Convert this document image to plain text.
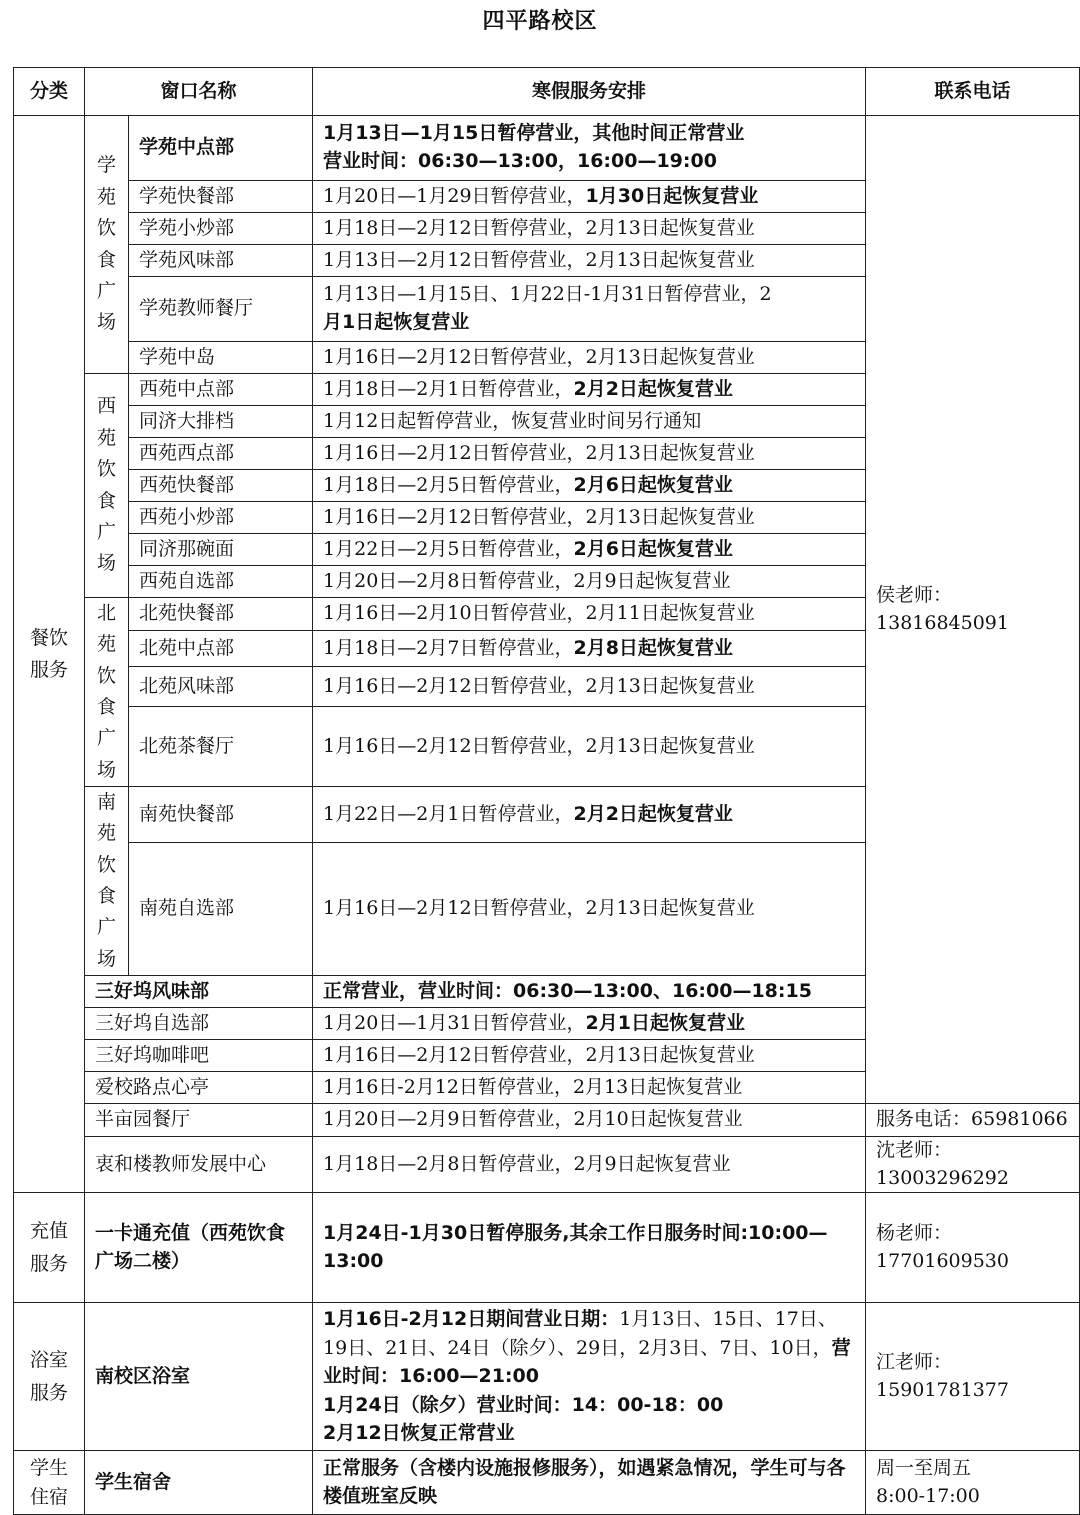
四平路校区
分类	窗口名称		寒假服务安排	联系电话

餐饮服务	学苑饮食广场	学苑中点部	1月13日—1月15日暂停营业，其他时间正常营业
营业时间：06:30—13:00，16:00—19:00	侯老师：13816845091
		学苑快餐部	1月20日—1月29日暂停营业，1月30日起恢复营业	
		学苑小炒部	1月18日—2月12日暂停营业，2月13日起恢复营业	
		学苑风味部	1月13日—2月12日暂停营业，2月13日起恢复营业	
		学苑教师餐厅	1月13日—1月15日、1月22日-1月31日暂停营业，2
月1日起恢复营业	

		学苑中岛	1月16日—2月12日暂停营业，2月13日起恢复营业	

	西苑饮食广场	西苑中点部	1月18日—2月1日暂停营业，2月2日起恢复营业	
		同济大排档	1月12日起暂停营业，恢复营业时间另行通知	
		西苑西点部	1月16日—2月12日暂停营业，2月13日起恢复营业	
		西苑快餐部	1月18日—2月5日暂停营业，2月6日起恢复营业	
		西苑小炒部	1月16日—2月12日暂停营业，2月13日起恢复营业	
		同济那碗面	1月22日—2月5日暂停营业，2月6日起恢复营业	
		西苑自选部	1月20日—2月8日暂停营业，2月9日起恢复营业	

	北苑饮食广场	北苑快餐部	1月16日—2月10日暂停营业，2月11日起恢复营业	
		北苑中点部	1月18日—2月7日暂停营业，2月8日起恢复营业	
		北苑风味部	1月16日—2月12日暂停营业，2月13日起恢复营业	
		北苑茶餐厅	1月16日—2月12日暂停营业，2月13日起恢复营业	

	南苑饮食广场	南苑快餐部	1月22日—2月1日暂停营业，2月2日起恢复营业	
		南苑自选部	1月16日—2月12日暂停营业，2月13日起恢复营业	
	三好坞风味部		正常营业，营业时间：06:30—13:00、16:00—18:15	
	三好坞自选部		1月20日—1月31日暂停营业，2月1日起恢复营业	
	三好坞咖啡吧		1月16日—2月12日暂停营业，2月13日起恢复营业	
	爱校路点心亭		1月16日-2月12日暂停营业，2月13日起恢复营业	
	半亩园餐厅		1月20日—2月9日暂停营业，2月10日起恢复营业	服务电话：65981066
	衷和楼教师发展中心		1月18日—2月8日暂停营业，2月9日起恢复营业	沈老师：13003296292

充值服务	一卡通充值（西苑饮食广场二楼）		1月24日-1月30日暂停服务,其余工作日服务时间:10:00—13:00	杨老师：17701609530

浴室服务	南校区浴室		1月16日-2月12日期间营业日期：1月13日、15日、17日、19日、21日、24日（除夕）、29日，2月3日、7日、10日，营业时间：16:00—21:00
1月24日（除夕）营业时间：14：00-18：00
2月12日恢复正常营业	江老师：15901781377

学生住宿	学生宿舍		正常服务（含楼内设施报修服务），如遇紧急情况，学生可与各楼值班室反映	周一至周五
8:00-17:00
